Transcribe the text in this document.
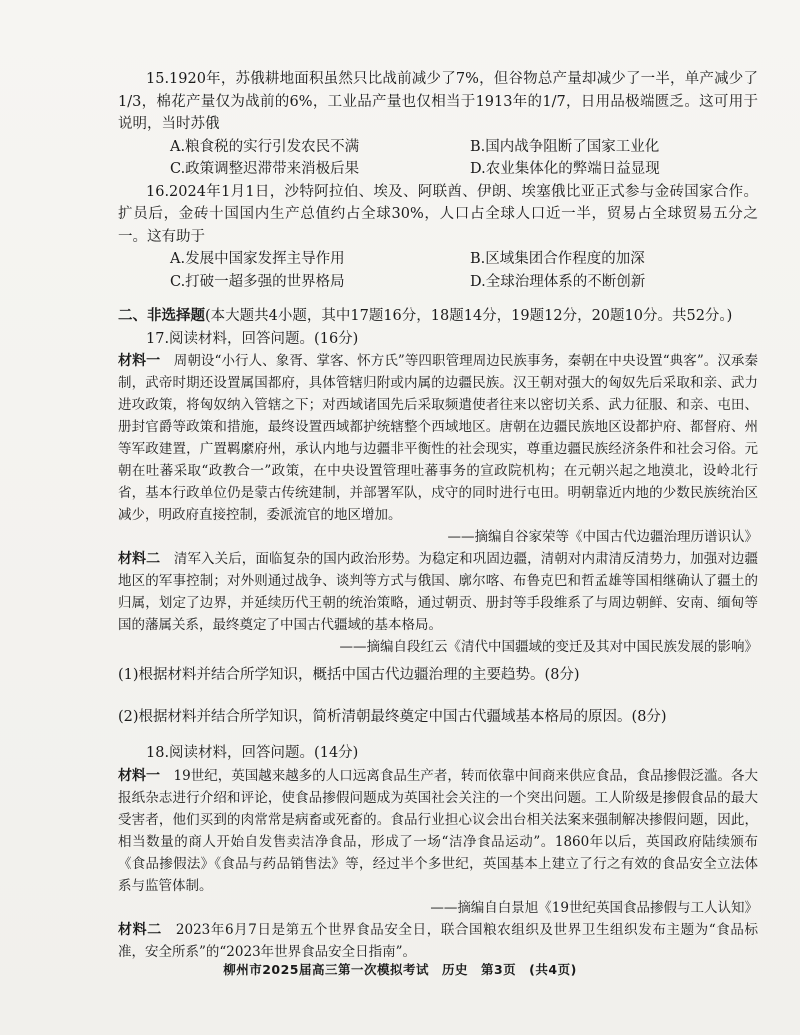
15.1920年，苏俄耕地面积虽然只比战前减少了7%，但谷物总产量却减少了一半，单产减少了1/3，棉花产量仅为战前的6%，工业品产量也仅相当于1913年的1/7，日用品极端匮乏。这可用于说明，当时苏俄

A.粮食税的实行引发农民不满	B.国内战争阻断了国家工业化
C.政策调整迟滞带来消极后果	D.农业集体化的弊端日益显现

16.2024年1月1日，沙特阿拉伯、埃及、阿联酋、伊朗、埃塞俄比亚正式参与金砖国家合作。扩员后，金砖十国国内生产总值约占全球30%，人口占全球人口近一半，贸易占全球贸易五分之一。这有助于

A.发展中国家发挥主导作用	B.区域集团合作程度的加深
C.打破一超多强的世界格局	D.全球治理体系的不断创新

二、非选择题(本大题共4小题，其中17题16分，18题14分，19题12分，20题10分。共52分。)

17.阅读材料，回答问题。(16分)

材料一　周朝设“小行人、象胥、掌客、怀方氏”等四职管理周边民族事务，秦朝在中央设置“典客”。汉承秦制，武帝时期还设置属国都府，具体管辖归附或内属的边疆民族。汉王朝对强大的匈奴先后采取和亲、武力进攻政策，将匈奴纳入管辖之下；对西域诸国先后采取频遣使者往来以密切关系、武力征服、和亲、屯田、册封官爵等政策和措施，最终设置西域都护统辖整个西域地区。唐朝在边疆民族地区设都护府、都督府、州等军政建置，广置羁縻府州，承认内地与边疆非平衡性的社会现实，尊重边疆民族经济条件和社会习俗。元朝在吐蕃采取“政教合一”政策，在中央设置管理吐蕃事务的宣政院机构；在元朝兴起之地漠北，设岭北行省，基本行政单位仍是蒙古传统建制，并部署军队，戍守的同时进行屯田。明朝靠近内地的少数民族统治区减少，明政府直接控制，委派流官的地区增加。

——摘编自谷家荣等《中国古代边疆治理历谱识认》

材料二　清军入关后，面临复杂的国内政治形势。为稳定和巩固边疆，清朝对内肃清反清势力，加强对边疆地区的军事控制；对外则通过战争、谈判等方式与俄国、廓尔喀、布鲁克巴和哲孟雄等国相继确认了疆土的归属，划定了边界，并延续历代王朝的统治策略，通过朝贡、册封等手段维系了与周边朝鲜、安南、缅甸等国的藩属关系，最终奠定了中国古代疆域的基本格局。

——摘编自段红云《清代中国疆域的变迁及其对中国民族发展的影响》

(1)根据材料并结合所学知识，概括中国古代边疆治理的主要趋势。(8分)

(2)根据材料并结合所学知识，简析清朝最终奠定中国古代疆域基本格局的原因。(8分)

18.阅读材料，回答问题。(14分)

材料一　19世纪，英国越来越多的人口远离食品生产者，转而依靠中间商来供应食品，食品掺假泛滥。各大报纸杂志进行介绍和评论，使食品掺假问题成为英国社会关注的一个突出问题。工人阶级是掺假食品的最大受害者，他们买到的肉常常是病畜或死畜的。食品行业担心议会出台相关法案来强制解决掺假问题，因此，相当数量的商人开始自发售卖洁净食品，形成了一场“洁净食品运动”。1860年以后，英国政府陆续颁布《食品掺假法》《食品与药品销售法》等，经过半个多世纪，英国基本上建立了行之有效的食品安全立法体系与监管体制。

——摘编自白景旭《19世纪英国食品掺假与工人认知》

材料二　2023年6月7日是第五个世界食品安全日，联合国粮农组织及世界卫生组织发布主题为“食品标准，安全所系”的“2023年世界食品安全日指南”。

柳州市2025届高三第一次模拟考试　历史　第3页　(共4页)
